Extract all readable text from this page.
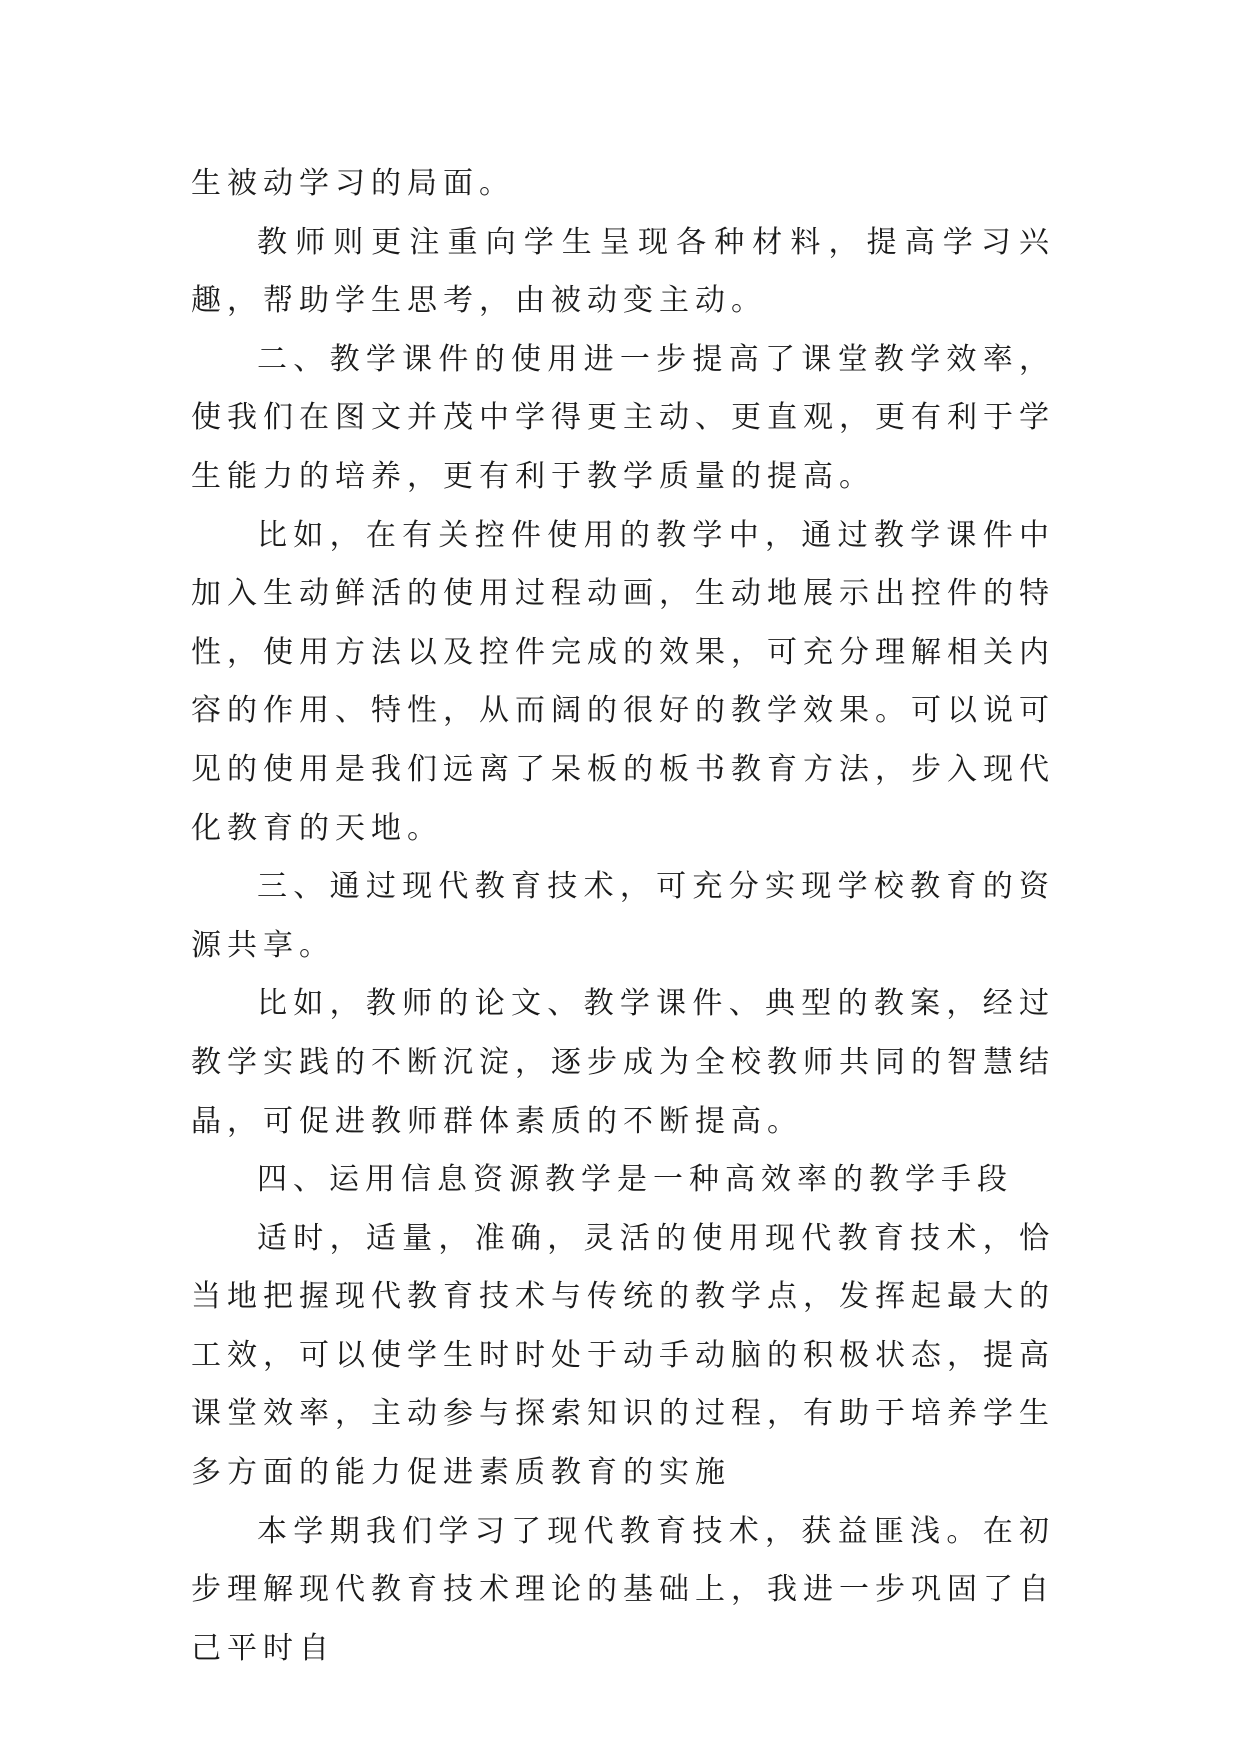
生被动学习的局面。

教师则更注重向学生呈现各种材料，提高学习兴趣，帮助学生思考，由被动变主动。

二、教学课件的使用进一步提高了课堂教学效率，使我们在图文并茂中学得更主动、更直观，更有利于学生能力的培养，更有利于教学质量的提高。

比如，在有关控件使用的教学中，通过教学课件中加入生动鲜活的使用过程动画，生动地展示出控件的特性，使用方法以及控件完成的效果，可充分理解相关内容的作用、特性，从而阔的很好的教学效果。可以说可见的使用是我们远离了呆板的板书教育方法，步入现代化教育的天地。

三、通过现代教育技术，可充分实现学校教育的资源共享。

比如，教师的论文、教学课件、典型的教案，经过教学实践的不断沉淀，逐步成为全校教师共同的智慧结晶，可促进教师群体素质的不断提高。

四、运用信息资源教学是一种高效率的教学手段

适时，适量，准确，灵活的使用现代教育技术，恰当地把握现代教育技术与传统的教学点，发挥起最大的工效，可以使学生时时处于动手动脑的积极状态，提高课堂效率，主动参与探索知识的过程，有助于培养学生多方面的能力促进素质教育的实施

本学期我们学习了现代教育技术，获益匪浅。在初步理解现代教育技术理论的基础上，我进一步巩固了自己平时自
